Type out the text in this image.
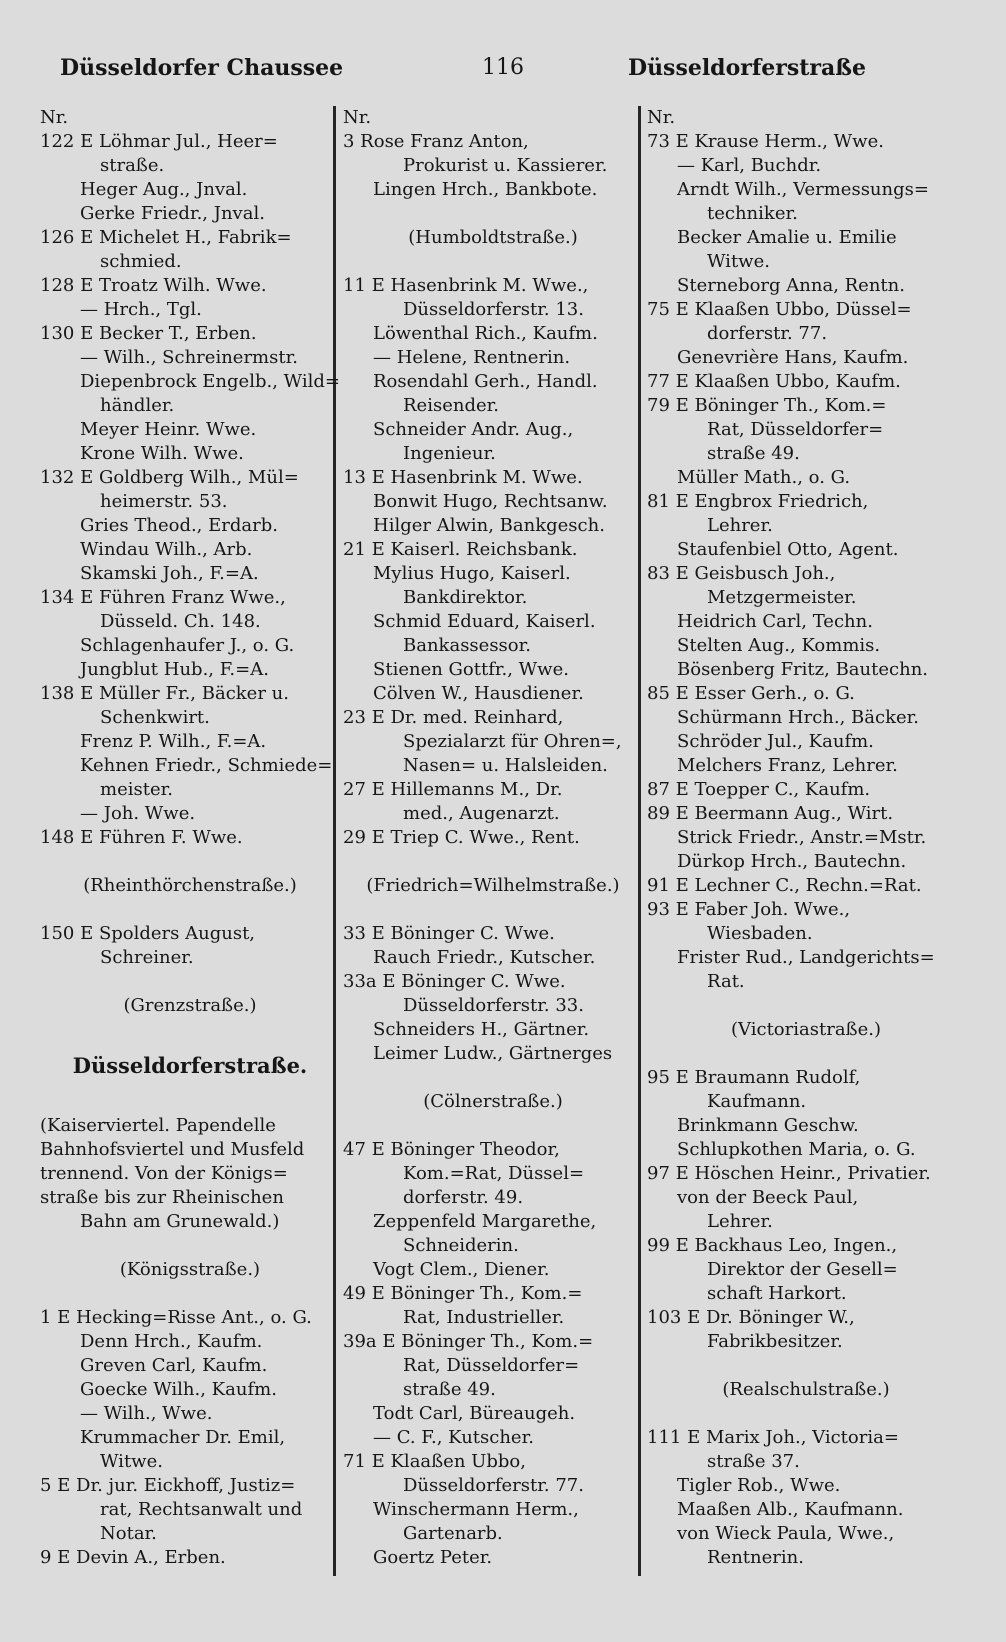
Düsseldorfer Chaussee	116	Düsseldorferstraße
Nr.
122 E Löhmar Jul., Heer=
straße.
Heger Aug., Jnval.
Gerke Friedr., Jnval.
126 E Michelet H., Fabrik=
schmied.
128 E Troatz Wilh. Wwe.
— Hrch., Tgl.
130 E Becker T., Erben.
— Wilh., Schreinermstr.
Diepenbrock Engelb., Wild=
händler.
Meyer Heinr. Wwe.
Krone Wilh. Wwe.
132 E Goldberg Wilh., Mül=
heimerstr. 53.
Gries Theod., Erdarb.
Windau Wilh., Arb.
Skamski Joh., F.=A.
134 E Führen Franz Wwe.,
Düsseld. Ch. 148.
Schlagenhaufer J., o. G.
Jungblut Hub., F.=A.
138 E Müller Fr., Bäcker u.
Schenkwirt.
Frenz P. Wilh., F.=A.
Kehnen Friedr., Schmiede=
meister.
— Joh. Wwe.
148 E Führen F. Wwe.
(Rheinthörchenstraße.)
150 E Spolders August,
Schreiner.
(Grenzstraße.)
Düsseldorferstraße.
(Kaiserviertel. Papendelle
Bahnhofsviertel und Musfeld
trennend. Von der Königs=
straße bis zur Rheinischen
Bahn am Grunewald.)
(Königsstraße.)
1 E Hecking=Risse Ant., o. G.
Denn Hrch., Kaufm.
Greven Carl, Kaufm.
Goecke Wilh., Kaufm.
— Wilh., Wwe.
Krummacher Dr. Emil,
Witwe.
5 E Dr. jur. Eickhoff, Justiz=
rat, Rechtsanwalt und
Notar.
9 E Devin A., Erben.
Nr.
3 Rose Franz Anton,
Prokurist u. Kassierer.
Lingen Hrch., Bankbote.
(Humboldtstraße.)
11 E Hasenbrink M. Wwe.,
Düsseldorferstr. 13.
Löwenthal Rich., Kaufm.
— Helene, Rentnerin.
Rosendahl Gerh., Handl.
Reisender.
Schneider Andr. Aug.,
Ingenieur.
13 E Hasenbrink M. Wwe.
Bonwit Hugo, Rechtsanw.
Hilger Alwin, Bankgesch.
21 E Kaiserl. Reichsbank.
Mylius Hugo, Kaiserl.
Bankdirektor.
Schmid Eduard, Kaiserl.
Bankassessor.
Stienen Gottfr., Wwe.
Cölven W., Hausdiener.
23 E Dr. med. Reinhard,
Spezialarzt für Ohren=,
Nasen= u. Halsleiden.
27 E Hillemanns M., Dr.
med., Augenarzt.
29 E Triep C. Wwe., Rent.
(Friedrich=Wilhelmstraße.)
33 E Böninger C. Wwe.
Rauch Friedr., Kutscher.
33a E Böninger C. Wwe.
Düsseldorferstr. 33.
Schneiders H., Gärtner.
Leimer Ludw., Gärtnerges
(Cölnerstraße.)
47 E Böninger Theodor,
Kom.=Rat, Düssel=
dorferstr. 49.
Zeppenfeld Margarethe,
Schneiderin.
Vogt Clem., Diener.
49 E Böninger Th., Kom.=
Rat, Industrieller.
39a E Böninger Th., Kom.=
Rat, Düsseldorfer=
straße 49.
Todt Carl, Büreaugeh.
— C. F., Kutscher.
71 E Klaaßen Ubbo,
Düsseldorferstr. 77.
Winschermann Herm.,
Gartenarb.
Goertz Peter.
Nr.
73 E Krause Herm., Wwe.
— Karl, Buchdr.
Arndt Wilh., Vermessungs=
techniker.
Becker Amalie u. Emilie
Witwe.
Sterneborg Anna, Rentn.
75 E Klaaßen Ubbo, Düssel=
dorferstr. 77.
Genevrière Hans, Kaufm.
77 E Klaaßen Ubbo, Kaufm.
79 E Böninger Th., Kom.=
Rat, Düsseldorfer=
straße 49.
Müller Math., o. G.
81 E Engbrox Friedrich,
Lehrer.
Staufenbiel Otto, Agent.
83 E Geisbusch Joh.,
Metzgermeister.
Heidrich Carl, Techn.
Stelten Aug., Kommis.
Bösenberg Fritz, Bautechn.
85 E Esser Gerh., o. G.
Schürmann Hrch., Bäcker.
Schröder Jul., Kaufm.
Melchers Franz, Lehrer.
87 E Toepper C., Kaufm.
89 E Beermann Aug., Wirt.
Strick Friedr., Anstr.=Mstr.
Dürkop Hrch., Bautechn.
91 E Lechner C., Rechn.=Rat.
93 E Faber Joh. Wwe.,
Wiesbaden.
Frister Rud., Landgerichts=
Rat.
(Victoriastraße.)
95 E Braumann Rudolf,
Kaufmann.
Brinkmann Geschw.
Schlupkothen Maria, o. G.
97 E Höschen Heinr., Privatier.
von der Beeck Paul,
Lehrer.
99 E Backhaus Leo, Ingen.,
Direktor der Gesell=
schaft Harkort.
103 E Dr. Böninger W.,
Fabrikbesitzer.
(Realschulstraße.)
111 E Marix Joh., Victoria=
straße 37.
Tigler Rob., Wwe.
Maaßen Alb., Kaufmann.
von Wieck Paula, Wwe.,
Rentnerin.
